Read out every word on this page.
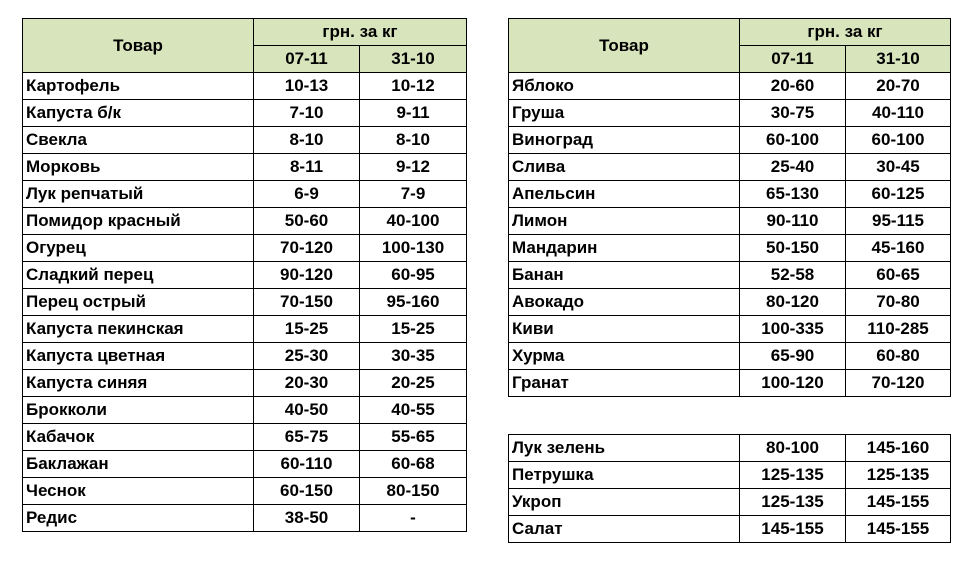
Товар	грн. за кг	
	07-11	31-10
Картофель	10-13	10-12
Капуста б/к	7-10	9-11
Свекла	8-10	8-10
Морковь	8-11	9-12
Лук репчатый	6-9	7-9
Помидор красный	50-60	40-100
Огурец	70-120	100-130
Сладкий перец	90-120	60-95
Перец острый	70-150	95-160
Капуста пекинская	15-25	15-25
Капуста цветная	25-30	30-35
Капуста синяя	20-30	20-25
Брокколи	40-50	40-55
Кабачок	65-75	55-65
Баклажан	60-110	60-68
Чеснок	60-150	80-150
Редис	38-50	-
Товар	грн. за кг	
	07-11	31-10
Яблоко	20-60	20-70
Груша	30-75	40-110
Виноград	60-100	60-100
Слива	25-40	30-45
Апельсин	65-130	60-125
Лимон	90-110	95-115
Мандарин	50-150	45-160
Банан	52-58	60-65
Авокадо	80-120	70-80
Киви	100-335	110-285
Хурма	65-90	60-80
Гранат	100-120	70-120
Лук зелень	80-100	145-160
Петрушка	125-135	125-135
Укроп	125-135	145-155
Салат	145-155	145-155
